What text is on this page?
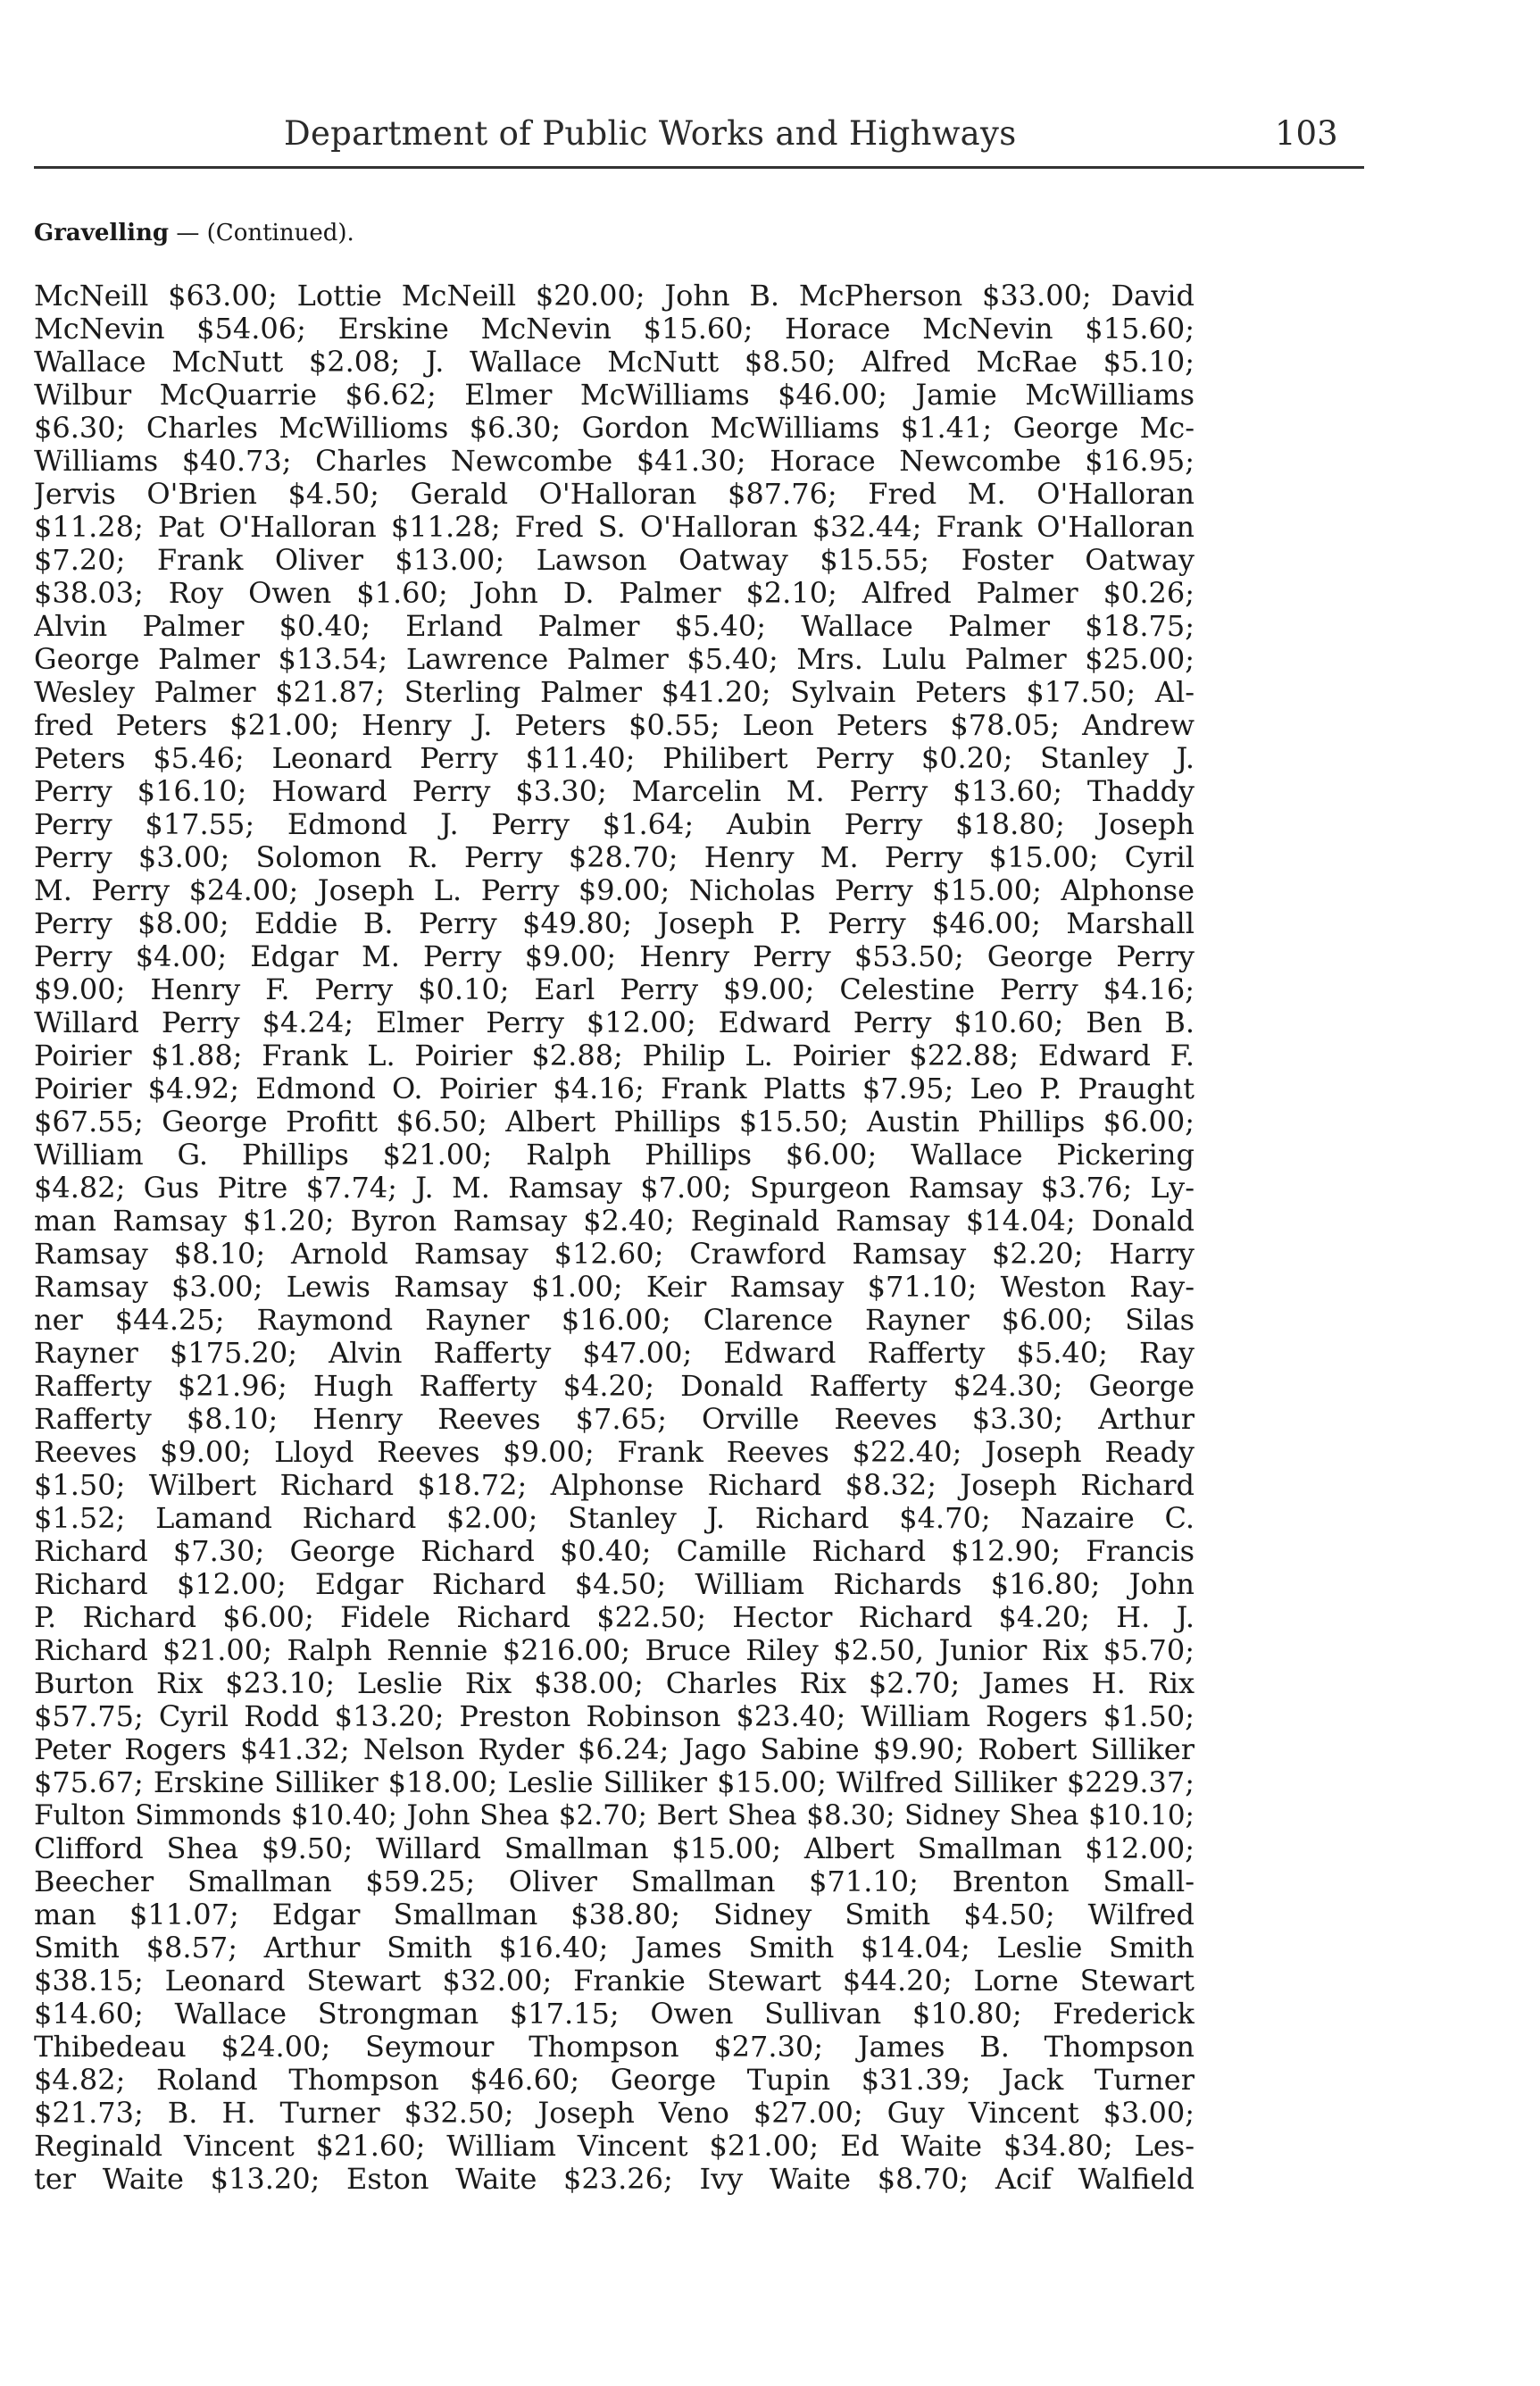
Department of Public Works and Highways	103
Gravelling — (Continued).
McNeill $63.00; Lottie McNeill $20.00; John B. McPherson $33.00; David
McNevin $54.06; Erskine McNevin $15.60; Horace McNevin $15.60;
Wallace McNutt $2.08; J. Wallace McNutt $8.50; Alfred McRae $5.10;
Wilbur McQuarrie $6.62; Elmer McWilliams $46.00; Jamie McWilliams
$6.30; Charles McWillioms $6.30; Gordon McWilliams $1.41; George Mc-
Williams $40.73; Charles Newcombe $41.30; Horace Newcombe $16.95;
Jervis O'Brien $4.50; Gerald O'Halloran $87.76; Fred M. O'Halloran
$11.28; Pat O'Halloran $11.28; Fred S. O'Halloran $32.44; Frank O'Halloran
$7.20; Frank Oliver $13.00; Lawson Oatway $15.55; Foster Oatway
$38.03; Roy Owen $1.60; John D. Palmer $2.10; Alfred Palmer $0.26;
Alvin Palmer $0.40; Erland Palmer $5.40; Wallace Palmer $18.75;
George Palmer $13.54; Lawrence Palmer $5.40; Mrs. Lulu Palmer $25.00;
Wesley Palmer $21.87; Sterling Palmer $41.20; Sylvain Peters $17.50; Al-
fred Peters $21.00; Henry J. Peters $0.55; Leon Peters $78.05; Andrew
Peters $5.46; Leonard Perry $11.40; Philibert Perry $0.20; Stanley J.
Perry $16.10; Howard Perry $3.30; Marcelin M. Perry $13.60; Thaddy
Perry $17.55; Edmond J. Perry $1.64; Aubin Perry $18.80; Joseph
Perry $3.00; Solomon R. Perry $28.70; Henry M. Perry $15.00; Cyril
M. Perry $24.00; Joseph L. Perry $9.00; Nicholas Perry $15.00; Alphonse
Perry $8.00; Eddie B. Perry $49.80; Joseph P. Perry $46.00; Marshall
Perry $4.00; Edgar M. Perry $9.00; Henry Perry $53.50; George Perry
$9.00; Henry F. Perry $0.10; Earl Perry $9.00; Celestine Perry $4.16;
Willard Perry $4.24; Elmer Perry $12.00; Edward Perry $10.60; Ben B.
Poirier $1.88; Frank L. Poirier $2.88; Philip L. Poirier $22.88; Edward F.
Poirier $4.92; Edmond O. Poirier $4.16; Frank Platts $7.95; Leo P. Praught
$67.55; George Profitt $6.50; Albert Phillips $15.50; Austin Phillips $6.00;
William G. Phillips $21.00; Ralph Phillips $6.00; Wallace Pickering
$4.82; Gus Pitre $7.74; J. M. Ramsay $7.00; Spurgeon Ramsay $3.76; Ly-
man Ramsay $1.20; Byron Ramsay $2.40; Reginald Ramsay $14.04; Donald
Ramsay $8.10; Arnold Ramsay $12.60; Crawford Ramsay $2.20; Harry
Ramsay $3.00; Lewis Ramsay $1.00; Keir Ramsay $71.10; Weston Ray-
ner $44.25; Raymond Rayner $16.00; Clarence Rayner $6.00; Silas
Rayner $175.20; Alvin Rafferty $47.00; Edward Rafferty $5.40; Ray
Rafferty $21.96; Hugh Rafferty $4.20; Donald Rafferty $24.30; George
Rafferty $8.10; Henry Reeves $7.65; Orville Reeves $3.30; Arthur
Reeves $9.00; Lloyd Reeves $9.00; Frank Reeves $22.40; Joseph Ready
$1.50; Wilbert Richard $18.72; Alphonse Richard $8.32; Joseph Richard
$1.52; Lamand Richard $2.00; Stanley J. Richard $4.70; Nazaire C.
Richard $7.30; George Richard $0.40; Camille Richard $12.90; Francis
Richard $12.00; Edgar Richard $4.50; William Richards $16.80; John
P. Richard $6.00; Fidele Richard $22.50; Hector Richard $4.20; H. J.
Richard $21.00; Ralph Rennie $216.00; Bruce Riley $2.50, Junior Rix $5.70;
Burton Rix $23.10; Leslie Rix $38.00; Charles Rix $2.70; James H. Rix
$57.75; Cyril Rodd $13.20; Preston Robinson $23.40; William Rogers $1.50;
Peter Rogers $41.32; Nelson Ryder $6.24; Jago Sabine $9.90; Robert Silliker
$75.67; Erskine Silliker $18.00; Leslie Silliker $15.00; Wilfred Silliker $229.37;
Fulton Simmonds $10.40; John Shea $2.70; Bert Shea $8.30; Sidney Shea $10.10;
Clifford Shea $9.50; Willard Smallman $15.00; Albert Smallman $12.00;
Beecher Smallman $59.25; Oliver Smallman $71.10; Brenton Small-
man $11.07; Edgar Smallman $38.80; Sidney Smith $4.50; Wilfred
Smith $8.57; Arthur Smith $16.40; James Smith $14.04; Leslie Smith
$38.15; Leonard Stewart $32.00; Frankie Stewart $44.20; Lorne Stewart
$14.60; Wallace Strongman $17.15; Owen Sullivan $10.80; Frederick
Thibedeau $24.00; Seymour Thompson $27.30; James B. Thompson
$4.82; Roland Thompson $46.60; George Tupin $31.39; Jack Turner
$21.73; B. H. Turner $32.50; Joseph Veno $27.00; Guy Vincent $3.00;
Reginald Vincent $21.60; William Vincent $21.00; Ed Waite $34.80; Les-
ter Waite $13.20; Eston Waite $23.26; Ivy Waite $8.70; Acif Walfield
